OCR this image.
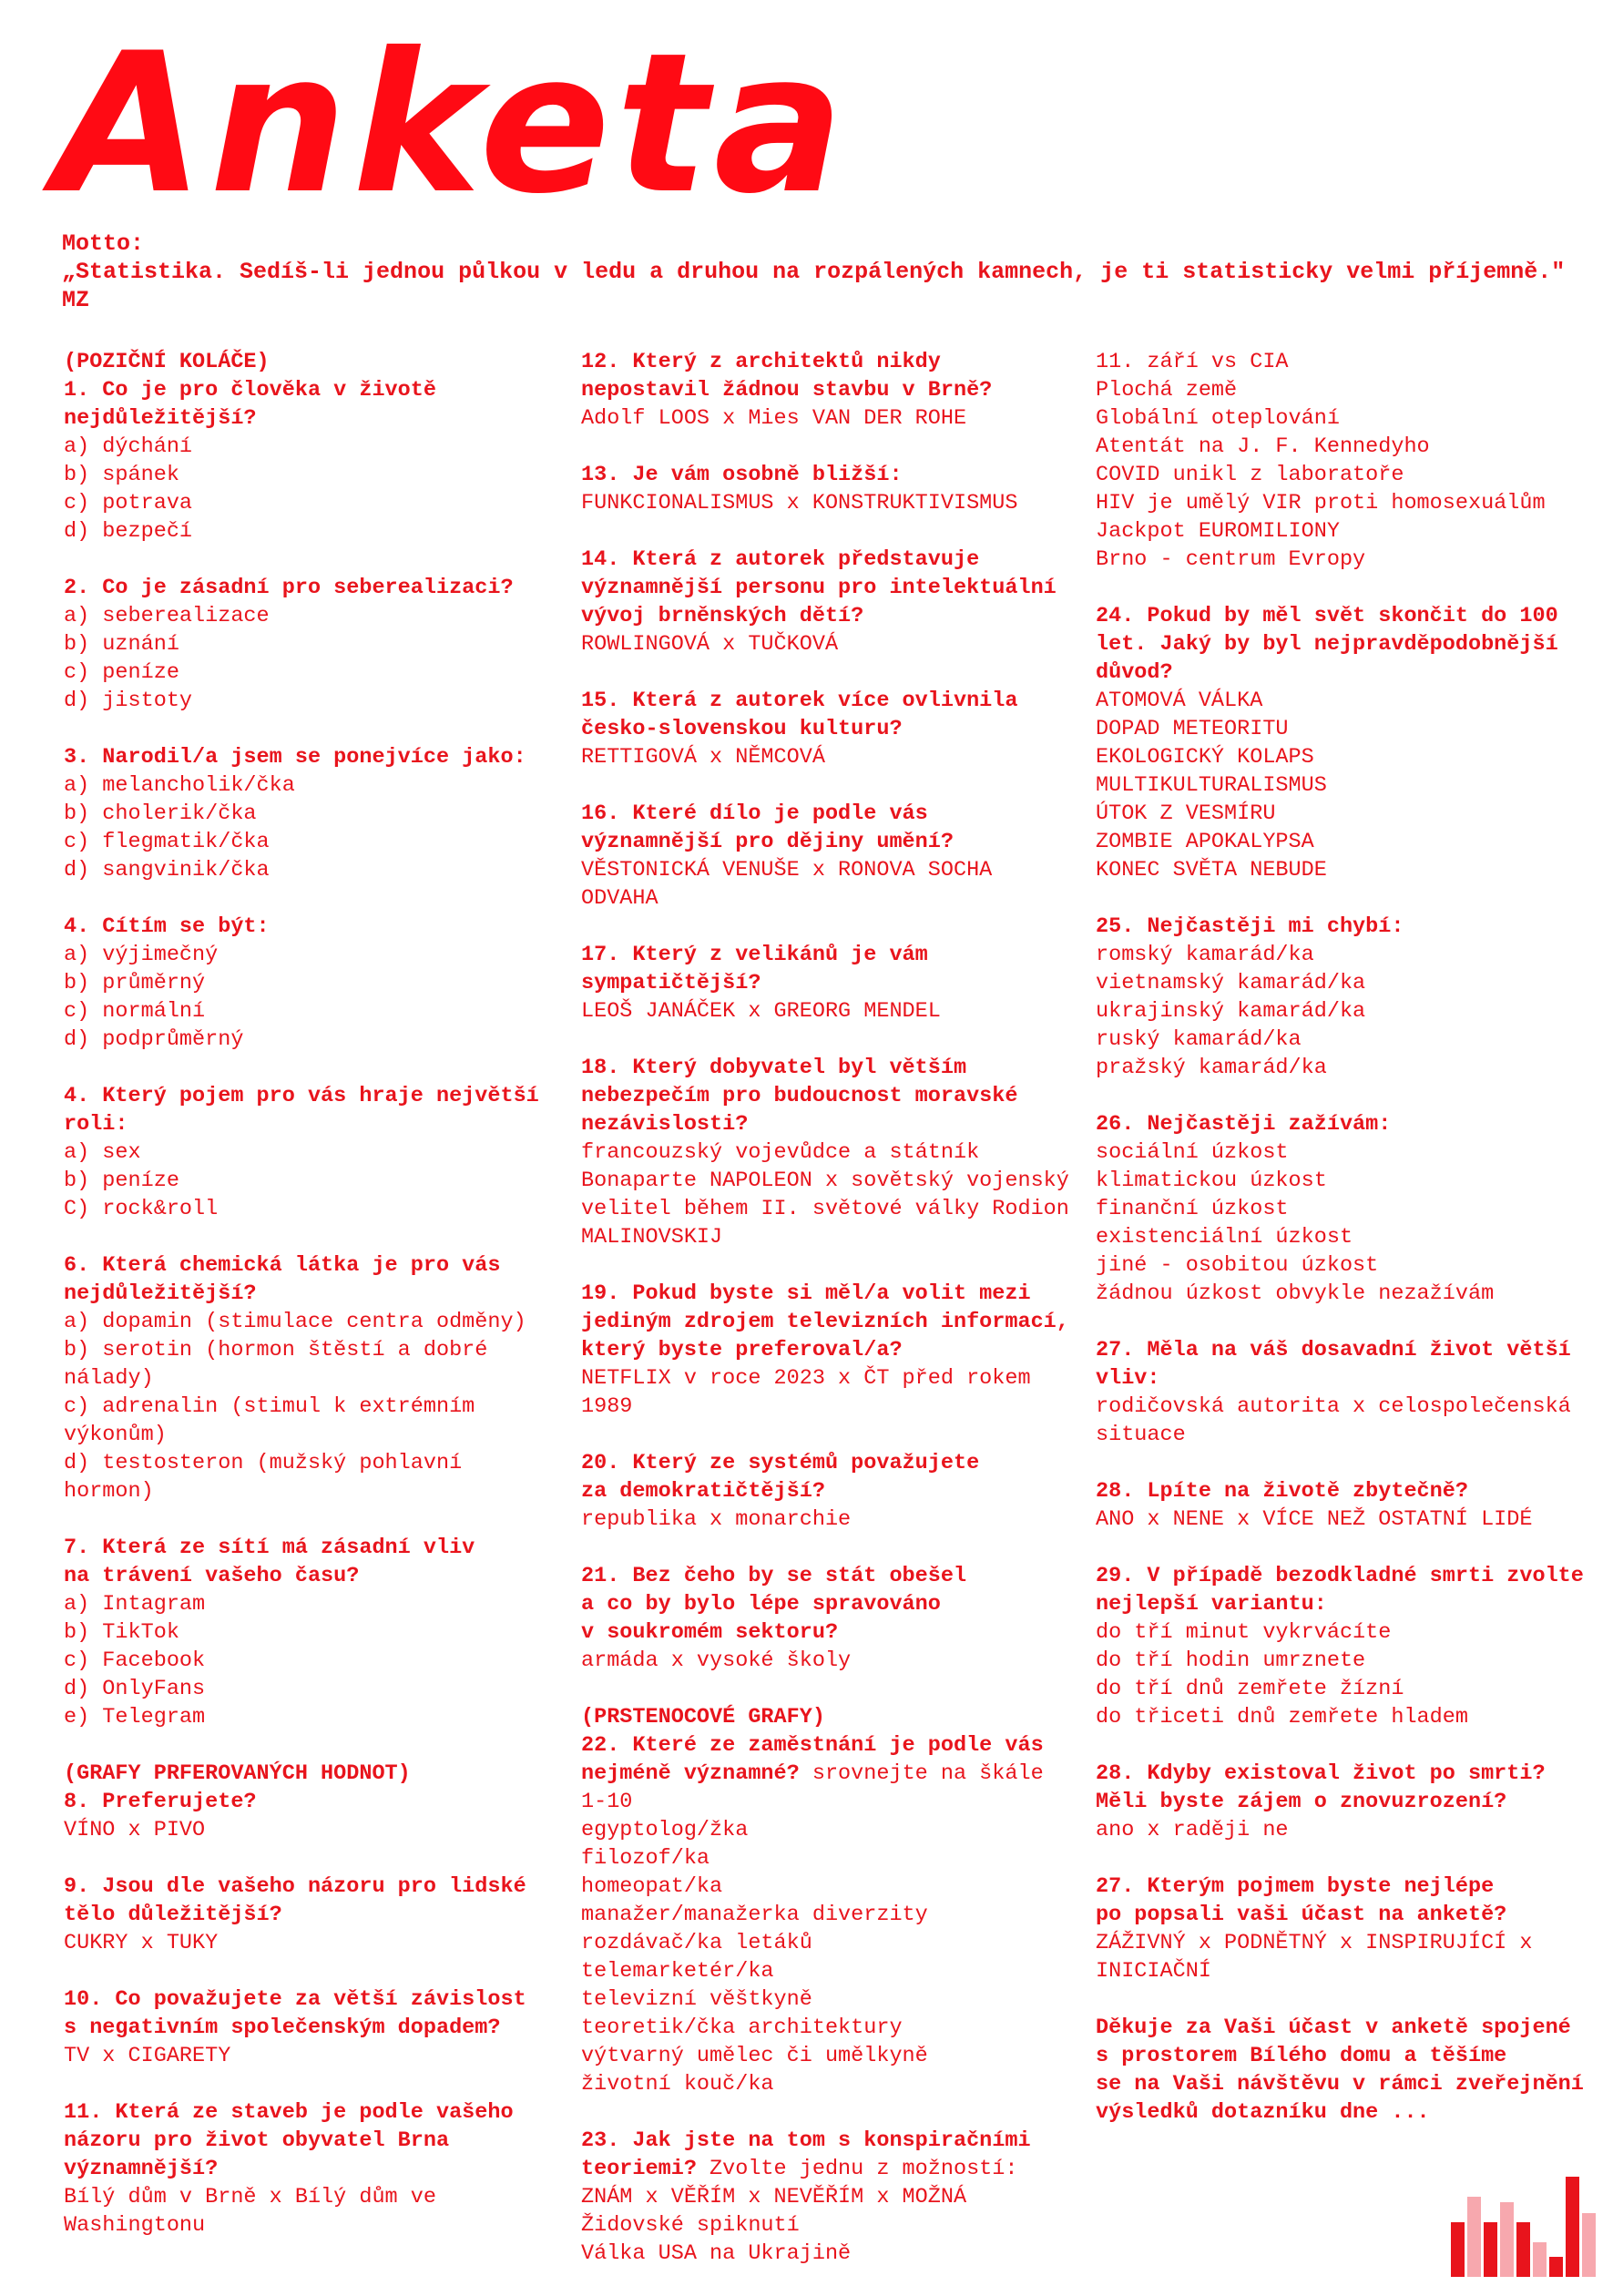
Anketa
Motto:
„Statistika. Sedíš-li jednou půlkou v ledu a druhou na rozpálených kamnech, je ti statisticky velmi příjemně."
MZ
(POZIČNÍ KOLÁČE)
1. Co je pro člověka v životě
nejdůležitější?
a) dýchání
b) spánek
c) potrava
d) bezpečí
2. Co je zásadní pro seberealizaci?
a) seberealizace
b) uznání
c) peníze
d) jistoty
3. Narodil/a jsem se ponejvíce jako:
a) melancholik/čka
b) cholerik/čka
c) flegmatik/čka
d) sangvinik/čka
4. Cítím se být:
a) výjimečný
b) průměrný
c) normální
d) podprůměrný
4. Který pojem pro vás hraje největší
roli:
a) sex
b) peníze
C) rock&roll
6. Která chemická látka je pro vás
nejdůležitější?
a) dopamin (stimulace centra odměny)
b) serotin (hormon štěstí a dobré
nálady)
c) adrenalin (stimul k extrémním
výkonům)
d) testosteron (mužský pohlavní
hormon)
7. Která ze sítí má zásadní vliv
na trávení vašeho času?
a) Intagram
b) TikTok
c) Facebook
d) OnlyFans
e) Telegram
(GRAFY PRFEROVANÝCH HODNOT)
8. Preferujete?
VÍNO x PIVO
9. Jsou dle vašeho názoru pro lidské
tělo důležitější?
CUKRY x TUKY
10. Co považujete za větší závislost
s negativním společenským dopadem?
TV x CIGARETY
11. Která ze staveb je podle vašeho
názoru pro život obyvatel Brna
významnější?
Bílý dům v Brně x Bílý dům ve
Washingtonu
12. Který z architektů nikdy
nepostavil žádnou stavbu v Brně?
Adolf LOOS x Mies VAN DER ROHE
13. Je vám osobně bližší:
FUNKCIONALISMUS x KONSTRUKTIVISMUS
14. Která z autorek představuje
významnější personu pro intelektuální
vývoj brněnských dětí?
ROWLINGOVÁ x TUČKOVÁ
15. Která z autorek více ovlivnila
česko-slovenskou kulturu?
RETTIGOVÁ x NĚMCOVÁ
16. Které dílo je podle vás
významnější pro dějiny umění?
VĚSTONICKÁ VENUŠE x RONOVA SOCHA
ODVAHA
17. Který z velikánů je vám
sympatičtější?
LEOŠ JANÁČEK x GREORG MENDEL
18. Který dobyvatel byl větším
nebezpečím pro budoucnost moravské
nezávislosti?
francouzský vojevůdce a státník
Bonaparte NAPOLEON x sovětský vojenský
velitel během II. světové války Rodion
MALINOVSKIJ
19. Pokud byste si měl/a volit mezi
jediným zdrojem televizních informací,
který byste preferoval/a?
NETFLIX v roce 2023 x ČT před rokem
1989
20. Který ze systémů považujete
za demokratičtější?
republika x monarchie
21. Bez čeho by se stát obešel
a co by bylo lépe spravováno
v soukromém sektoru?
armáda x vysoké školy
(PRSTENOCOVÉ GRAFY)
22. Které ze zaměstnání je podle vás
nejméně významné? srovnejte na škále
1-10
egyptolog/žka
filozof/ka
homeopat/ka
manažer/manažerka diverzity
rozdávač/ka letáků
telemarketér/ka
televizní věštkyně
teoretik/čka architektury
výtvarný umělec či umělkyně
životní kouč/ka
23. Jak jste na tom s konspiračními
teoriemi? Zvolte jednu z možností:
ZNÁM x VĚŘÍM x NEVĚŘÍM x MOŽNÁ
Židovské spiknutí
Válka USA na Ukrajině
11. září vs CIA
Plochá země
Globální oteplování
Atentát na J. F. Kennedyho
COVID unikl z laboratoře
HIV je umělý VIR proti homosexuálům
Jackpot EUROMILIONY
Brno - centrum Evropy
24. Pokud by měl svět skončit do 100
let. Jaký by byl nejpravděpodobnější
důvod?
ATOMOVÁ VÁLKA
DOPAD METEORITU
EKOLOGICKÝ KOLAPS
MULTIKULTURALISMUS
ÚTOK Z VESMÍRU
ZOMBIE APOKALYPSA
KONEC SVĚTA NEBUDE
25. Nejčastěji mi chybí:
romský kamarád/ka
vietnamský kamarád/ka
ukrajinský kamarád/ka
ruský kamarád/ka
pražský kamarád/ka
26. Nejčastěji zažívám:
sociální úzkost
klimatickou úzkost
finanční úzkost
existenciální úzkost
jiné - osobitou úzkost
žádnou úzkost obvykle nezažívám
27. Měla na váš dosavadní život větší
vliv:
rodičovská autorita x celospolečenská
situace
28. Lpíte na životě zbytečně?
ANO x NENE x VÍCE NEŽ OSTATNÍ LIDÉ
29. V případě bezodkladné smrti zvolte
nejlepší variantu:
do tří minut vykrvácíte
do tří hodin umrznete
do tří dnů zemřete žízní
do třiceti dnů zemřete hladem
28. Kdyby existoval život po smrti?
Měli byste zájem o znovuzrození?
ano x raději ne
27. Kterým pojmem byste nejlépe
po popsali vaši účast na anketě?
ZÁŽIVNÝ x PODNĚTNÝ x INSPIRUJÍCÍ x
INICIAČNÍ
Děkuje za Vaši účast v anketě spojené
s prostorem Bílého domu a těšíme
se na Vaši návštěvu v rámci zveřejnění
výsledků dotazníku dne ...
